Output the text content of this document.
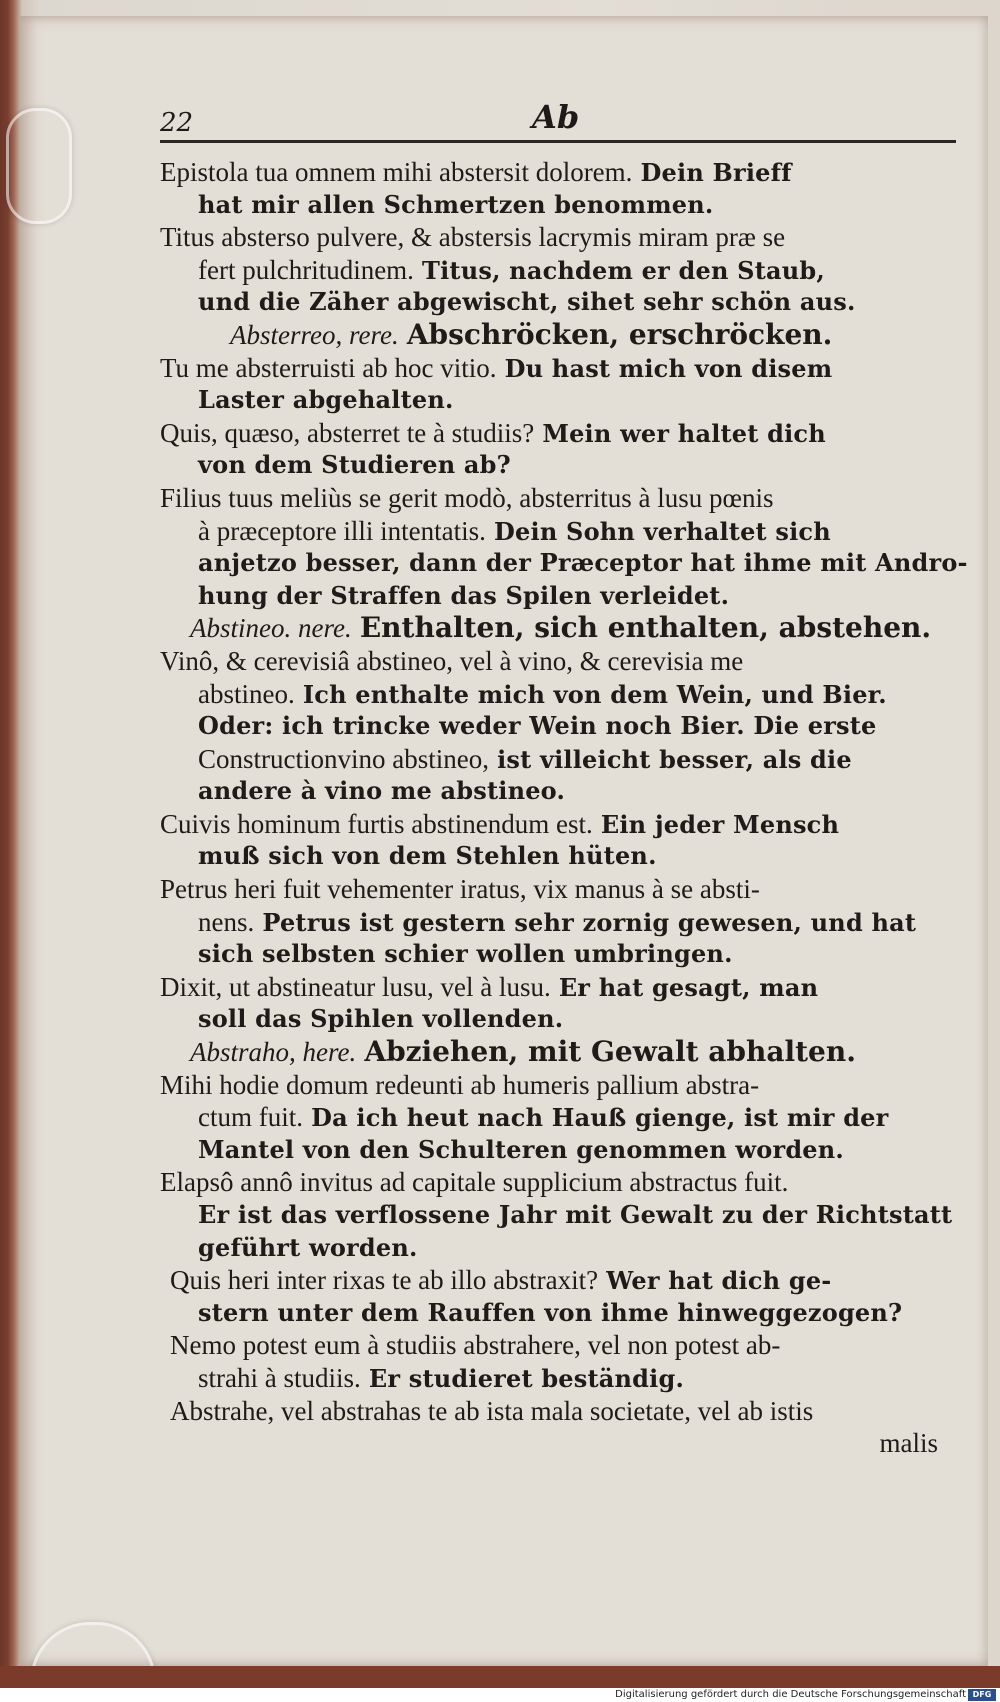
22	Ab
Epistola tua omnem mihi abstersit dolorem. Dein Brieff
hat mir allen Schmertzen benommen.
Titus absterso pulvere, & abstersis lacrymis miram præ se
fert pulchritudinem. Titus, nachdem er den Staub,
und die Zäher abgewischt, sihet sehr schön aus.
Absterreo, rere. Abschröcken, erschröcken.
Tu me absterruisti ab hoc vitio. Du hast mich von disem
Laster abgehalten.
Quis, quæso, absterret te à studiis? Mein wer haltet dich
von dem Studieren ab?
Filius tuus meliùs se gerit modò, absterritus à lusu pœnis
à præceptore illi intentatis. Dein Sohn verhaltet sich
anjetzo besser, dann der Præceptor hat ihme mit Andro-
hung der Straffen das Spilen verleidet.
Abstineo. nere. Enthalten, sich enthalten, abstehen.
Vinô, & cerevisiâ abstineo, vel à vino, & cerevisia me
abstineo. Ich enthalte mich von dem Wein, und Bier.
Oder: ich trincke weder Wein noch Bier. Die erste
Constructionvino abstineo, ist villeicht besser, als die
andere à vino me abstineo.
Cuivis hominum furtis abstinendum est. Ein jeder Mensch
muß sich von dem Stehlen hüten.
Petrus heri fuit vehementer iratus, vix manus à se absti-
nens. Petrus ist gestern sehr zornig gewesen, und hat
sich selbsten schier wollen umbringen.
Dixit, ut abstineatur lusu, vel à lusu. Er hat gesagt, man
soll das Spihlen vollenden.
Abstraho, here. Abziehen, mit Gewalt abhalten.
Mihi hodie domum redeunti ab humeris pallium abstra-
ctum fuit. Da ich heut nach Hauß gienge, ist mir der
Mantel von den Schulteren genommen worden.
Elapsô annô invitus ad capitale supplicium abstractus fuit.
Er ist das verflossene Jahr mit Gewalt zu der Richtstatt
geführt worden.
Quis heri inter rixas te ab illo abstraxit? Wer hat dich ge-
stern unter dem Rauffen von ihme hinweggezogen?
Nemo potest eum à studiis abstrahere, vel non potest ab-
strahi à studiis. Er studieret beständig.
Abstrahe, vel abstrahas te ab ista mala societate, vel ab istis
malis
Digitalisierung gefördert durch die Deutsche Forschungsgemeinschaft DFG
